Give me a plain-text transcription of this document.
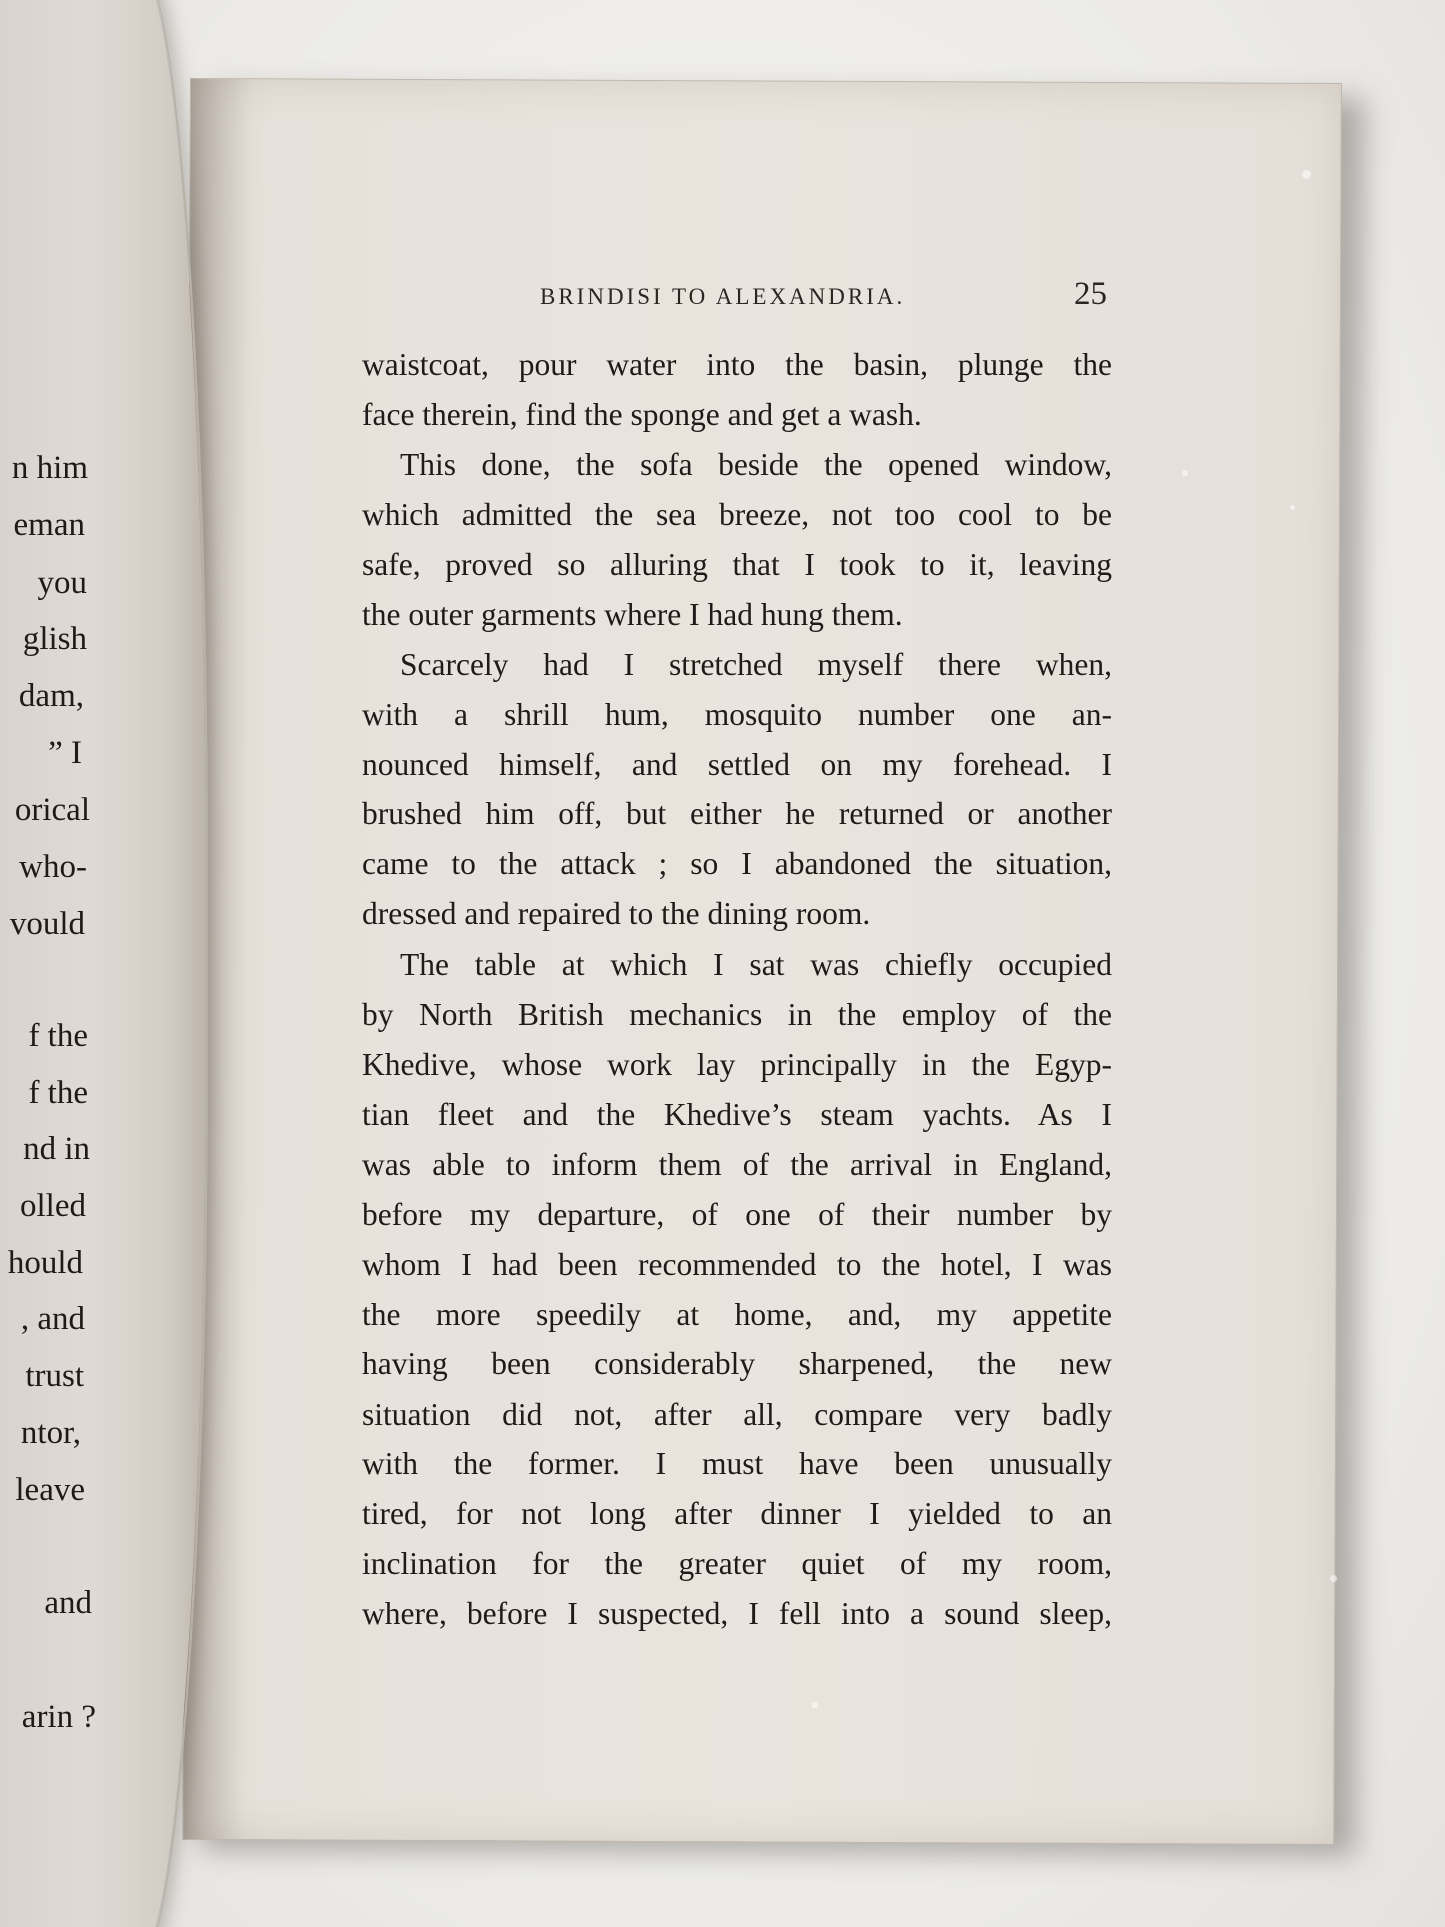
n him
eman
you
glish
dam,
” I
orical
who-
vould
f the
f the
nd in
olled
hould
, and
trust
ntor,
leave
and
arin ?
BRINDISI TO ALEXANDRIA.	25
waistcoat, pour water into the basin, plunge the
face therein, find the sponge and get a wash.
This done, the sofa beside the opened window,
which admitted the sea breeze, not too cool to be
safe, proved so alluring that I took to it, leaving
the outer garments where I had hung them.
Scarcely had I stretched myself there when,
with a shrill hum, mosquito number one an-
nounced himself, and settled on my forehead. I
brushed him off, but either he returned or another
came to the attack ; so I abandoned the situation,
dressed and repaired to the dining room.
The table at which I sat was chiefly occupied
by North British mechanics in the employ of the
Khedive, whose work lay principally in the Egyp-
tian fleet and the Khedive’s steam yachts. As I
was able to inform them of the arrival in England,
before my departure, of one of their number by
whom I had been recommended to the hotel, I was
the more speedily at home, and, my appetite
having been considerably sharpened, the new
situation did not, after all, compare very badly
with the former. I must have been unusually
tired, for not long after dinner I yielded to an
inclination for the greater quiet of my room,
where, before I suspected, I fell into a sound sleep,
